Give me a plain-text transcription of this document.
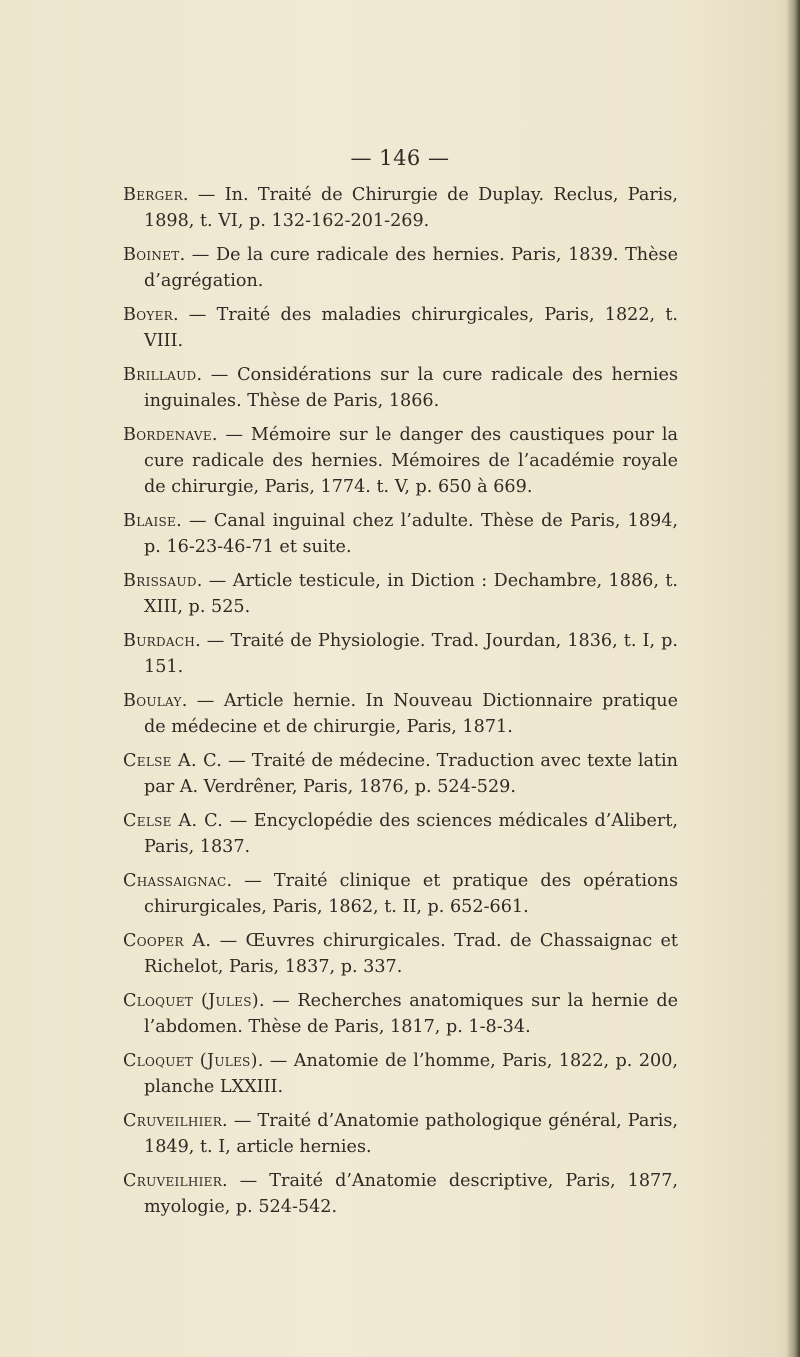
— 146 —
Berger. — In. Traité de Chirurgie de Duplay. Reclus, Paris, 1898, t. VI, p. 132-162-201-269.
Boinet. — De la cure radicale des hernies. Paris, 1839. Thèse d’agrégation.
Boyer. — Traité des maladies chirurgicales, Paris, 1822, t. VIII.
Brillaud. — Considérations sur la cure radicale des hernies inguinales. Thèse de Paris, 1866.
Bordenave. — Mémoire sur le danger des caustiques pour la cure radicale des hernies. Mémoires de l’académie royale de chirurgie, Paris, 1774. t. V, p. 650 à 669.
Blaise. — Canal inguinal chez l’adulte. Thèse de Paris, 1894, p. 16-23-46-71 et suite.
Brissaud. — Article testicule, in Diction : Dechambre, 1886, t. XIII, p. 525.
Burdach. — Traité de Physiologie. Trad. Jourdan, 1836, t. I, p. 151.
Boulay. — Article hernie. In Nouveau Dictionnaire pratique de médecine et de chirurgie, Paris, 1871.
Celse A. C. — Traité de médecine. Traduction avec texte latin par A. Verdrêner, Paris, 1876, p. 524-529.
Celse A. C. — Encyclopédie des sciences médicales d’Alibert, Paris, 1837.
Chassaignac. — Traité clinique et pratique des opérations chirurgicales, Paris, 1862, t. II, p. 652-661.
Cooper A. — Œuvres chirurgicales. Trad. de Chassaignac et Richelot, Paris, 1837, p. 337.
Cloquet (Jules). — Recherches anatomiques sur la hernie de l’abdomen. Thèse de Paris, 1817, p. 1-8-34.
Cloquet (Jules). — Anatomie de l’homme, Paris, 1822, p. 200, planche LXXIII.
Cruveilhier. — Traité d’Anatomie pathologique général, Paris, 1849, t. I, article hernies.
Cruveilhier. — Traité d’Anatomie descriptive, Paris, 1877, myologie, p. 524-542.
